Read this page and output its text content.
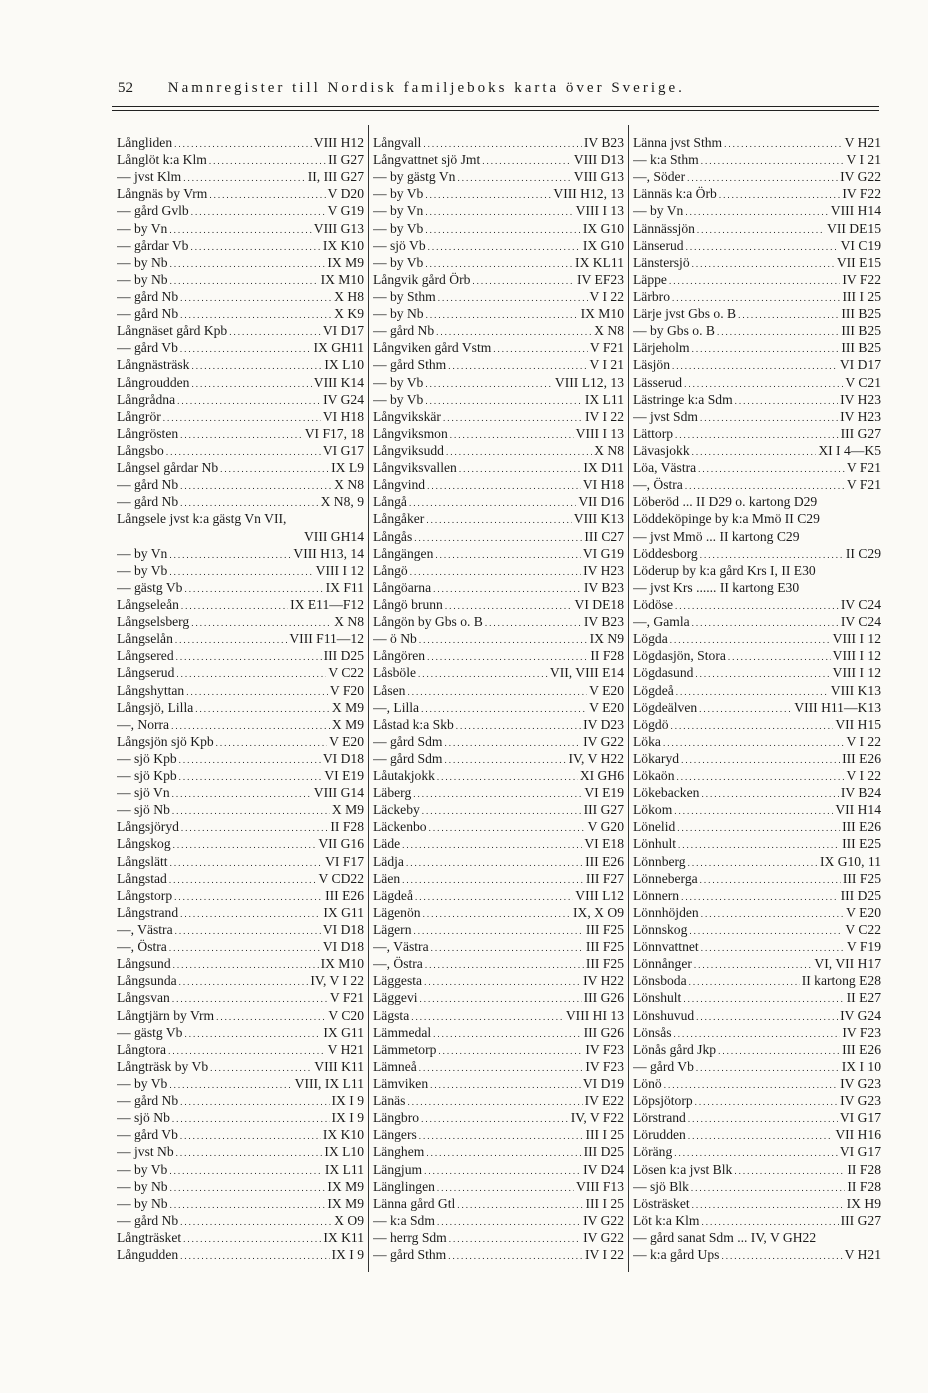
52 Namnregister till Nordisk familjeboks karta över Sverige.
Långliden .....	VIII H12
Långlöt k:a Klm .....	II G27
— jvst Klm .....	II, III G27
Långnäs by Vrm .....	V D20
— gård Gvlb .....	V G19
— by Vn .....	VIII G13
— gårdar Vb .....	IX K10
— by Nb .....	IX M9
— by Nb .....	IX M10
— gård Nb .....	X H8
— gård Nb .....	X K9
Långnäset gård Kpb .....	VI D17
— gård Vb .....	IX GH11
Långnästräsk .....	IX L10
Långroudden .....	VIII K14
Långrådna .....	IV G24
Långrör .....	VI H18
Långrösten .....	VI F17, 18
Långsbo .....	VI G17
Långsel gårdar Nb .....	IX L9
— gård Nb .....	X N8
— gård Nb .....	X N8, 9
Långsele jvst k:a gästg Vn VII,
VIII GH14
— by Vn .....	VIII H13, 14
— by Vb .....	VIII I 12
— gästg Vb .....	IX F11
Långseleån .....	IX E11—F12
Långselsberg .....	X N8
Långselån .....	VIII F11—12
Långsered .....	III D25
Långserud .....	V C22
Långshyttan .....	V F20
Långsjö, Lilla .....	X M9
—, Norra .....	X M9
Långsjön sjö Kpb .....	V E20
— sjö Kpb .....	VI D18
— sjö Kpb .....	VI E19
— sjö Vn .....	VIII G14
— sjö Nb .....	X M9
Långsjöryd .....	II F28
Långskog .....	VII G16
Långslätt .....	VI F17
Långstad .....	V CD22
Långstorp .....	III E26
Långstrand .....	IX G11
—, Västra .....	VI D18
—, Östra .....	VI D18
Långsund .....	IX M10
Långsunda .....	IV, V I 22
Långsvan .....	V F21
Långtjärn by Vrm .....	V C20
— gästg Vb .....	IX G11
Långtora .....	V H21
Långträsk by Vb .....	VIII K11
— by Vb .....	VIII, IX L11
— gård Nb .....	IX I 9
— sjö Nb .....	IX I 9
— gård Vb .....	IX K10
— jvst Nb .....	IX L10
— by Vb .....	IX L11
— by Nb .....	IX M9
— by Nb .....	IX M9
— gård Nb .....	X O9
Långträsket .....	IX K11
Långudden .....	IX I 9
Långvall .....	IV B23
Långvattnet sjö Jmt .....	VIII D13
— by gästg Vn .....	VIII G13
— by Vb .....	VIII H12, 13
— by Vn .....	VIII I 13
— by Vb .....	IX G10
— sjö Vb .....	IX G10
— by Vb .....	IX KL11
Långvik gård Örb .....	IV EF23
— by Sthm .....	V I 22
— by Nb .....	IX M10
— gård Nb .....	X N8
Långviken gård Vstm .....	V F21
— gård Sthm .....	V I 21
— by Vb .....	VIII L12, 13
— by Vb .....	IX L11
Långvikskär .....	IV I 22
Långviksmon .....	VIII I 13
Långviksudd .....	X N8
Långviksvallen .....	IX D11
Långvind .....	VI H18
Långå .....	VII D16
Långåker .....	VIII K13
Långås .....	III C27
Långängen .....	VI G19
Långö .....	IV H23
Långöarna .....	IV B23
Långö brunn .....	VI DE18
Långön by Gbs o. B .....	IV B23
— ö Nb .....	IX N9
Långören .....	II F28
Låsböle .....	VII, VIII E14
Låsen .....	V E20
—, Lilla .....	V E20
Låstad k:a Skb .....	IV D23
— gård Sdm .....	IV G22
— gård Sdm .....	IV, V H22
Låutakjokk .....	XI GH6
Läberg .....	VI E19
Läckeby .....	III G27
Läckenbo .....	V G20
Läde .....	VI E18
Lädja .....	III E26
Läen .....	III F27
Lägdeå .....	VIII L12
Lägenön .....	IX, X O9
Lägern .....	III F25
—, Västra .....	III F25
—, Östra .....	III F25
Läggesta .....	IV H22
Läggevi .....	III G26
Lägsta .....	VIII HI 13
Lämmedal .....	III G26
Lämmetorp .....	IV F23
Lämneå .....	IV F23
Lämviken .....	VI D19
Länäs .....	IV E22
Längbro .....	IV, V F22
Längers .....	III I 25
Länghem .....	III D25
Längjum .....	IV D24
Länglingen .....	VIII F13
Länna gård Gtl .....	III I 25
— k:a Sdm .....	IV G22
— herrg Sdm .....	IV G22
— gård Sthm .....	IV I 22
Länna jvst Sthm .....	V H21
— k:a Sthm .....	V I 21
—, Söder .....	IV G22
Lännäs k:a Örb .....	IV F22
— by Vn .....	VIII H14
Lännässjön .....	VII DE15
Länserud .....	VI C19
Länstersjö .....	VII E15
Läppe .....	IV F22
Lärbro .....	III I 25
Lärje jvst Gbs o. B .....	III B25
— by Gbs o. B .....	III B25
Lärjeholm .....	III B25
Läsjön .....	VI D17
Lässerud .....	V C21
Lästringe k:a Sdm .....	IV H23
— jvst Sdm .....	IV H23
Lättorp .....	III G27
Lävasjokk .....	XI I 4—K5
Löa, Västra .....	V F21
—, Östra .....	V F21
Löberöd ... II D29 o. kartong D29
Löddeköpinge by k:a Mmö II C29
— jvst Mmö ... II kartong C29
Löddesborg .....	II C29
Löderup by k:a gård Krs I, II E30
— jvst Krs ...... II kartong E30
Lödöse .....	IV C24
—, Gamla .....	IV C24
Lögda .....	VIII I 12
Lögdasjön, Stora .....	VIII I 12
Lögdasund .....	VIII I 12
Lögdeå .....	VIII K13
Lögdeälven .....	VIII H11—K13
Lögdö .....	VII H15
Löka .....	V I 22
Lökaryd .....	III E26
Lökaön .....	V I 22
Lökebacken .....	IV B24
Lökom .....	VII H14
Lönelid .....	III E26
Lönhult .....	III E25
Lönnberg .....	IX G10, 11
Lönneberga .....	III F25
Lönnern .....	III D25
Lönnhöjden .....	V E20
Lönnskog .....	V C22
Lönnvattnet .....	V F19
Lönnånger .....	VI, VII H17
Lönsboda .....	II kartong E28
Lönshult .....	II E27
Lönshuvud .....	IV G24
Lönsås .....	IV F23
Lönås gård Jkp .....	III E26
— gård Vb .....	IX I 10
Lönö .....	IV G23
Löpsjötorp .....	IV G23
Lörstrand .....	VI G17
Lörudden .....	VII H16
Löräng .....	VI G17
Lösen k:a jvst Blk .....	II F28
— sjö Blk .....	II F28
Lösträsket .....	IX H9
Löt k:a Klm .....	III G27
— gård sanat Sdm ... IV, V GH22
— k:a gård Ups .....	V H21
